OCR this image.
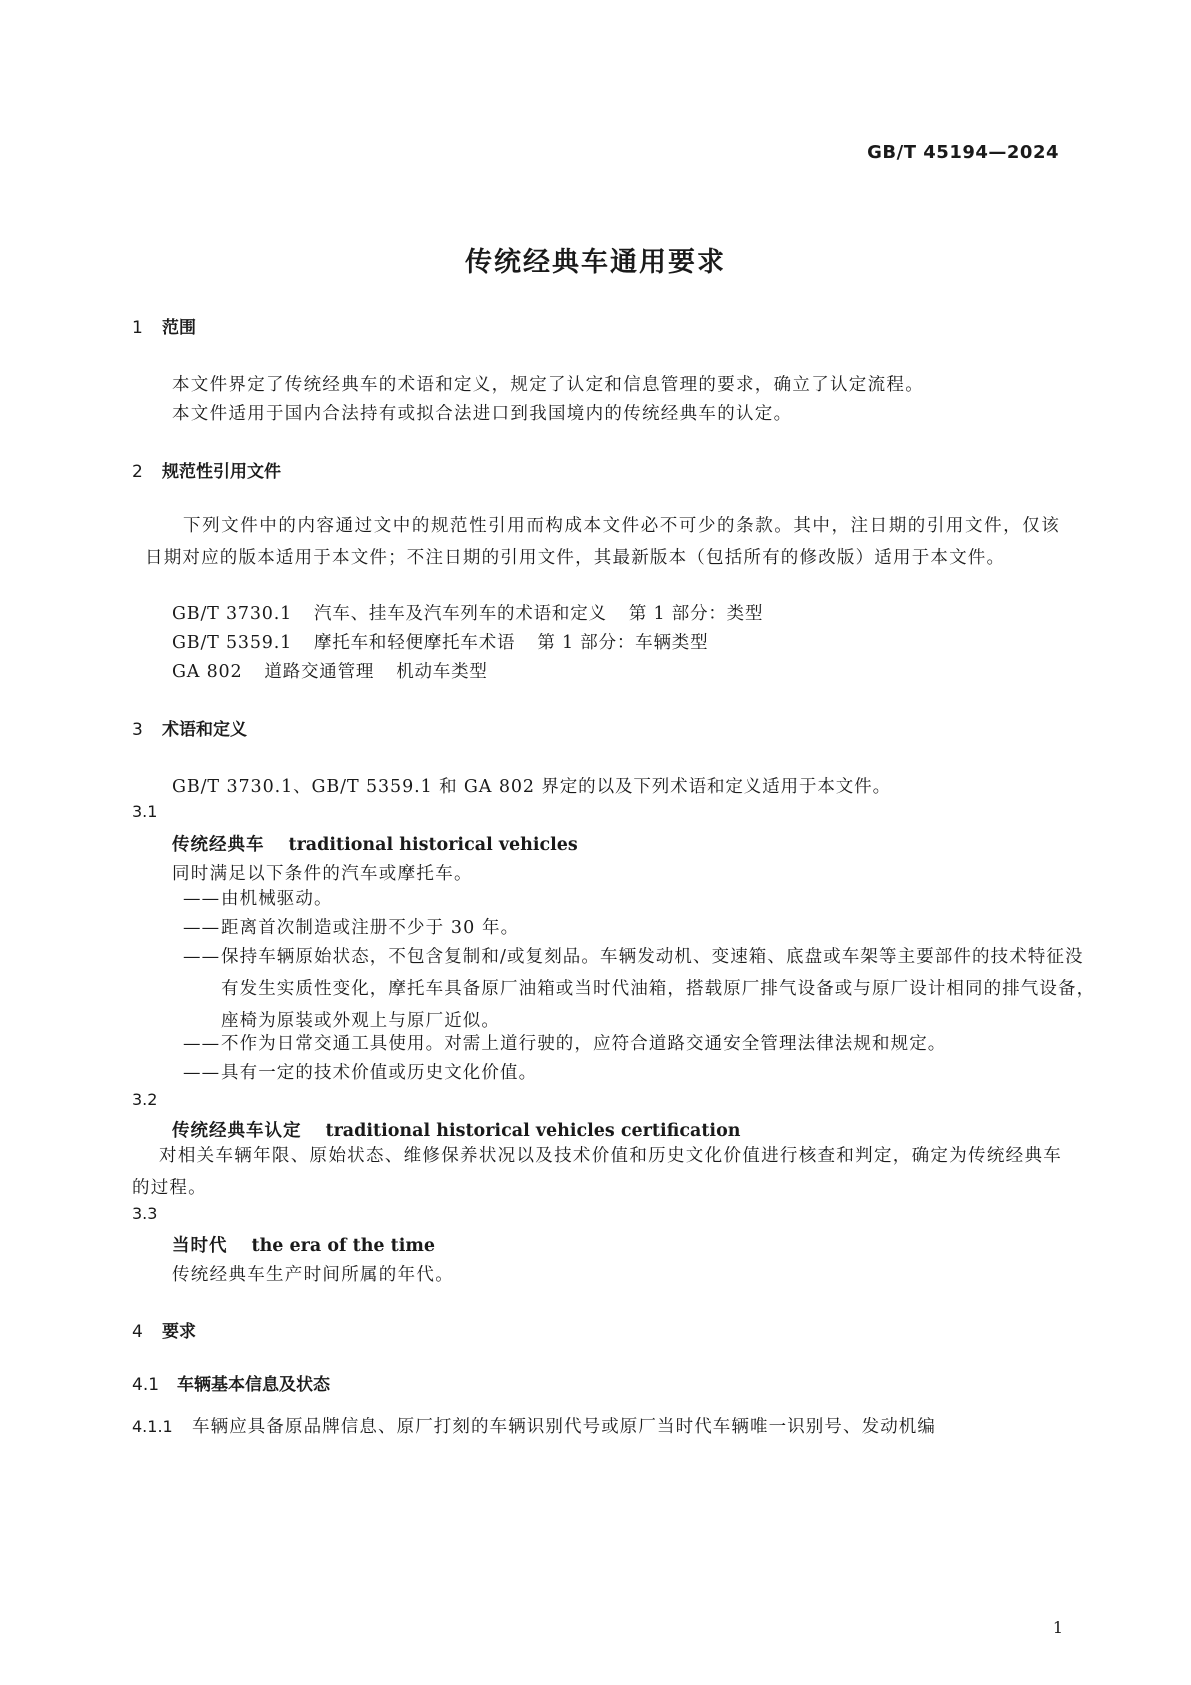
GB/T 45194—2024
传统经典车通用要求
1 范围
本文件界定了传统经典车的术语和定义，规定了认定和信息管理的要求，确立了认定流程。
本文件适用于国内合法持有或拟合法进口到我国境内的传统经典车的认定。
2 规范性引用文件
下列文件中的内容通过文中的规范性引用而构成本文件必不可少的条款。其中，注日期的引用文件，仅该日期对应的版本适用于本文件；不注日期的引用文件，其最新版本（包括所有的修改版）适用于本文件。
GB/T 3730.1 汽车、挂车及汽车列车的术语和定义 第 1 部分：类型
GB/T 5359.1 摩托车和轻便摩托车术语 第 1 部分：车辆类型
GA 802 道路交通管理 机动车类型
3 术语和定义
GB/T 3730.1、GB/T 5359.1 和 GA 802 界定的以及下列术语和定义适用于本文件。
3.1
传统经典车 traditional historical vehicles
同时满足以下条件的汽车或摩托车。
——由机械驱动。
——距离首次制造或注册不少于 30 年。
——保持车辆原始状态，不包含复制和/或复刻品。车辆发动机、变速箱、底盘或车架等主要部件的技术特征没有发生实质性变化，摩托车具备原厂油箱或当时代油箱，搭载原厂排气设备或与原厂设计相同的排气设备，座椅为原装或外观上与原厂近似。
——不作为日常交通工具使用。对需上道行驶的，应符合道路交通安全管理法律法规和规定。
——具有一定的技术价值或历史文化价值。
3.2
传统经典车认定 traditional historical vehicles certification
对相关车辆年限、原始状态、维修保养状况以及技术价值和历史文化价值进行核查和判定，确定为传统经典车的过程。
3.3
当时代 the era of the time
传统经典车生产时间所属的年代。
4 要求
4.1 车辆基本信息及状态
4.1.1 车辆应具备原品牌信息、原厂打刻的车辆识别代号或原厂当时代车辆唯一识别号、发动机编
1
